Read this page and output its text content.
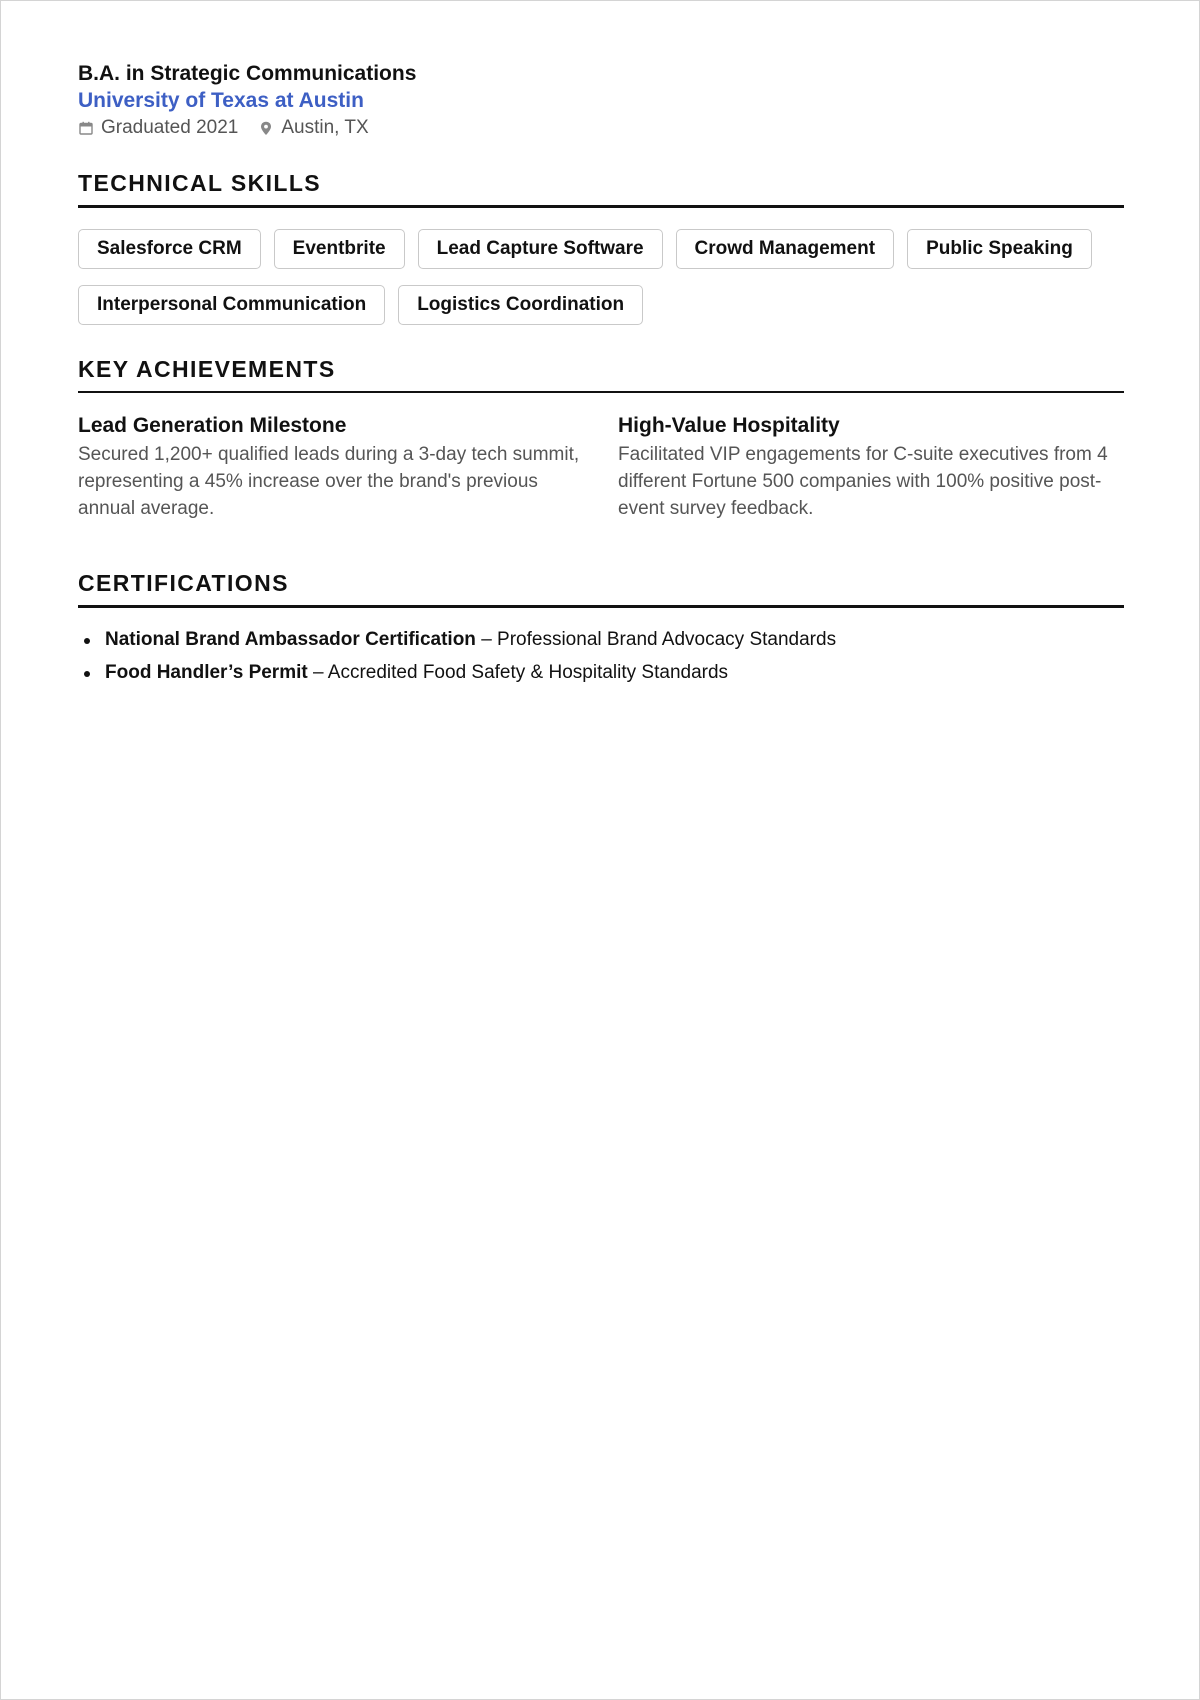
B.A. in Strategic Communications
University of Texas at Austin
Graduated 2021 Austin, TX
TECHNICAL SKILLS
Salesforce CRM	Eventbrite	Lead Capture Software	Crowd Management	Public Speaking
Interpersonal Communication	Logistics Coordination
KEY ACHIEVEMENTS
Lead Generation Milestone
Secured 1,200+ qualified leads during a 3-day tech summit, representing a 45% increase over the brand's previous annual average.
High-Value Hospitality
Facilitated VIP engagements for C-suite executives from 4 different Fortune 500 companies with 100% positive post-event survey feedback.
CERTIFICATIONS
National Brand Ambassador Certification – Professional Brand Advocacy Standards
Food Handler’s Permit – Accredited Food Safety & Hospitality Standards
